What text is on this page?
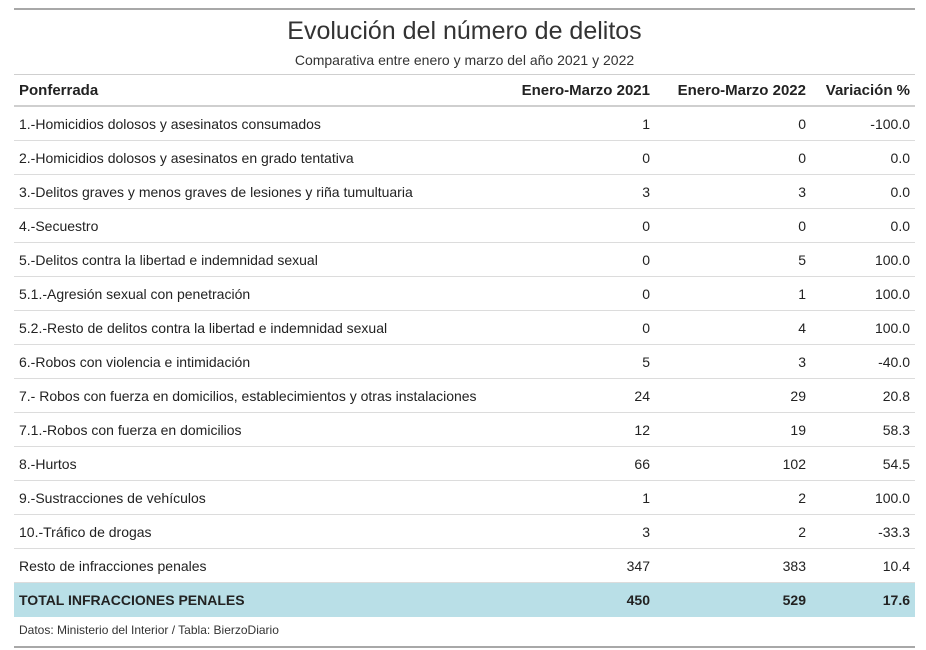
Evolución del número de delitos
Comparativa entre enero y marzo del año 2021 y 2022
Ponferrada	Enero-Marzo 2021	Enero-Marzo 2022	Variación %
1.-Homicidios dolosos y asesinatos consumados	1	0	-100.0
2.-Homicidios dolosos y asesinatos en grado tentativa	0	0	0.0
3.-Delitos graves y menos graves de lesiones y riña tumultuaria	3	3	0.0
4.-Secuestro	0	0	0.0
5.-Delitos contra la libertad e indemnidad sexual	0	5	100.0
5.1.-Agresión sexual con penetración	0	1	100.0
5.2.-Resto de delitos contra la libertad e indemnidad sexual	0	4	100.0
6.-Robos con violencia e intimidación	5	3	-40.0
7.- Robos con fuerza en domicilios, establecimientos y otras instalaciones	24	29	20.8
7.1.-Robos con fuerza en domicilios	12	19	58.3
8.-Hurtos	66	102	54.5
9.-Sustracciones de vehículos	1	2	100.0
10.-Tráfico de drogas	3	2	-33.3
Resto de infracciones penales	347	383	10.4
TOTAL INFRACCIONES PENALES	450	529	17.6
Datos: Ministerio del Interior / Tabla: BierzoDiario
